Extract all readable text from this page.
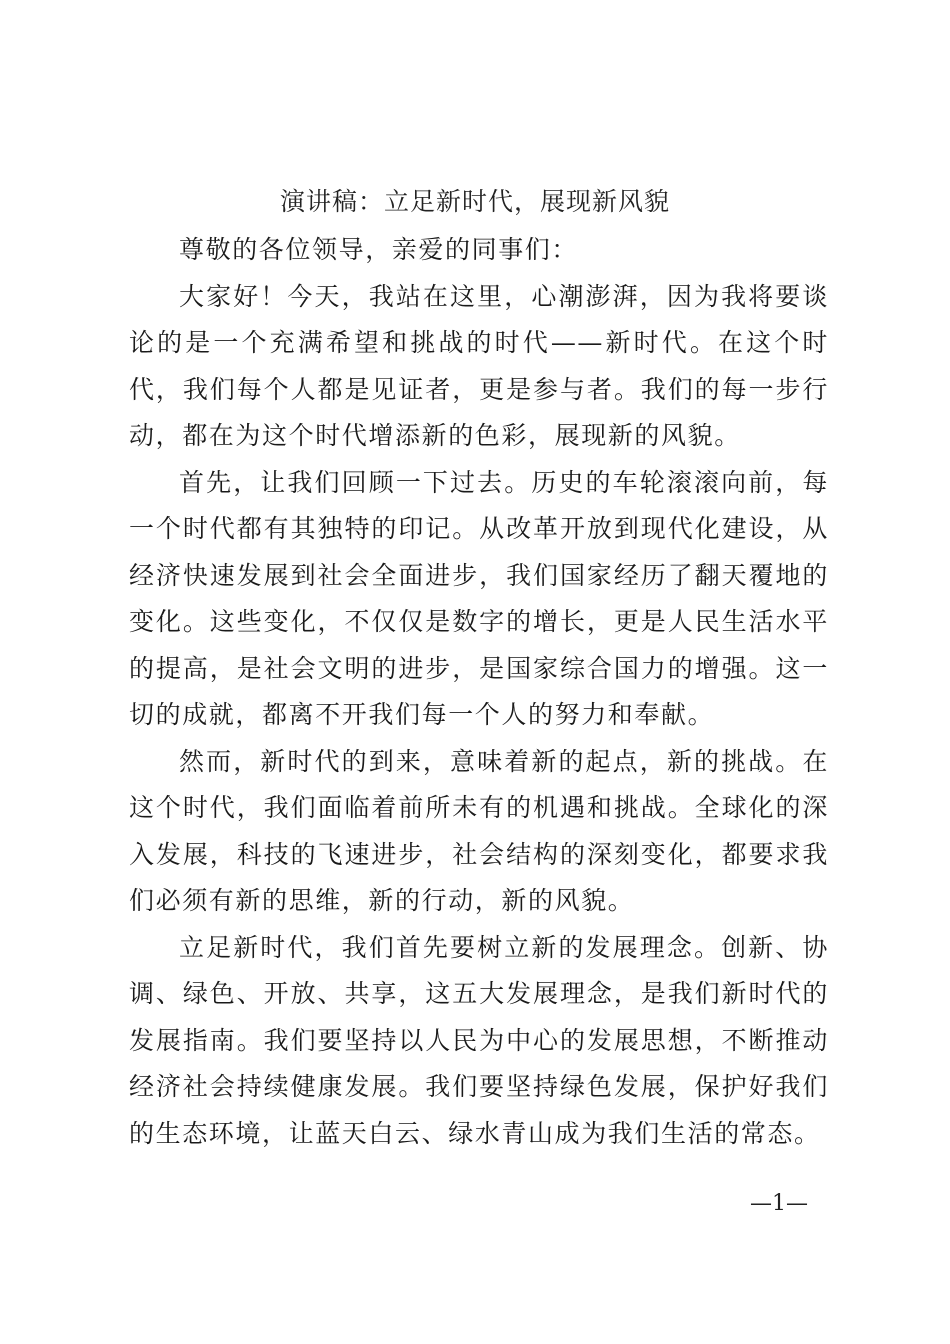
演讲稿：立足新时代，展现新风貌

尊敬的各位领导，亲爱的同事们：

大家好！今天，我站在这里，心潮澎湃，因为我将要谈论的是一个充满希望和挑战的时代——新时代。在这个时代，我们每个人都是见证者，更是参与者。我们的每一步行动，都在为这个时代增添新的色彩，展现新的风貌。

首先，让我们回顾一下过去。历史的车轮滚滚向前，每一个时代都有其独特的印记。从改革开放到现代化建设，从经济快速发展到社会全面进步，我们国家经历了翻天覆地的变化。这些变化，不仅仅是数字的增长，更是人民生活水平的提高，是社会文明的进步，是国家综合国力的增强。这一切的成就，都离不开我们每一个人的努力和奉献。

然而，新时代的到来，意味着新的起点，新的挑战。在这个时代，我们面临着前所未有的机遇和挑战。全球化的深入发展，科技的飞速进步，社会结构的深刻变化，都要求我们必须有新的思维，新的行动，新的风貌。

立足新时代，我们首先要树立新的发展理念。创新、协调、绿色、开放、共享，这五大发展理念，是我们新时代的发展指南。我们要坚持以人民为中心的发展思想，不断推动经济社会持续健康发展。我们要坚持绿色发展，保护好我们的生态环境，让蓝天白云、绿水青山成为我们生活的常态。

—1—
